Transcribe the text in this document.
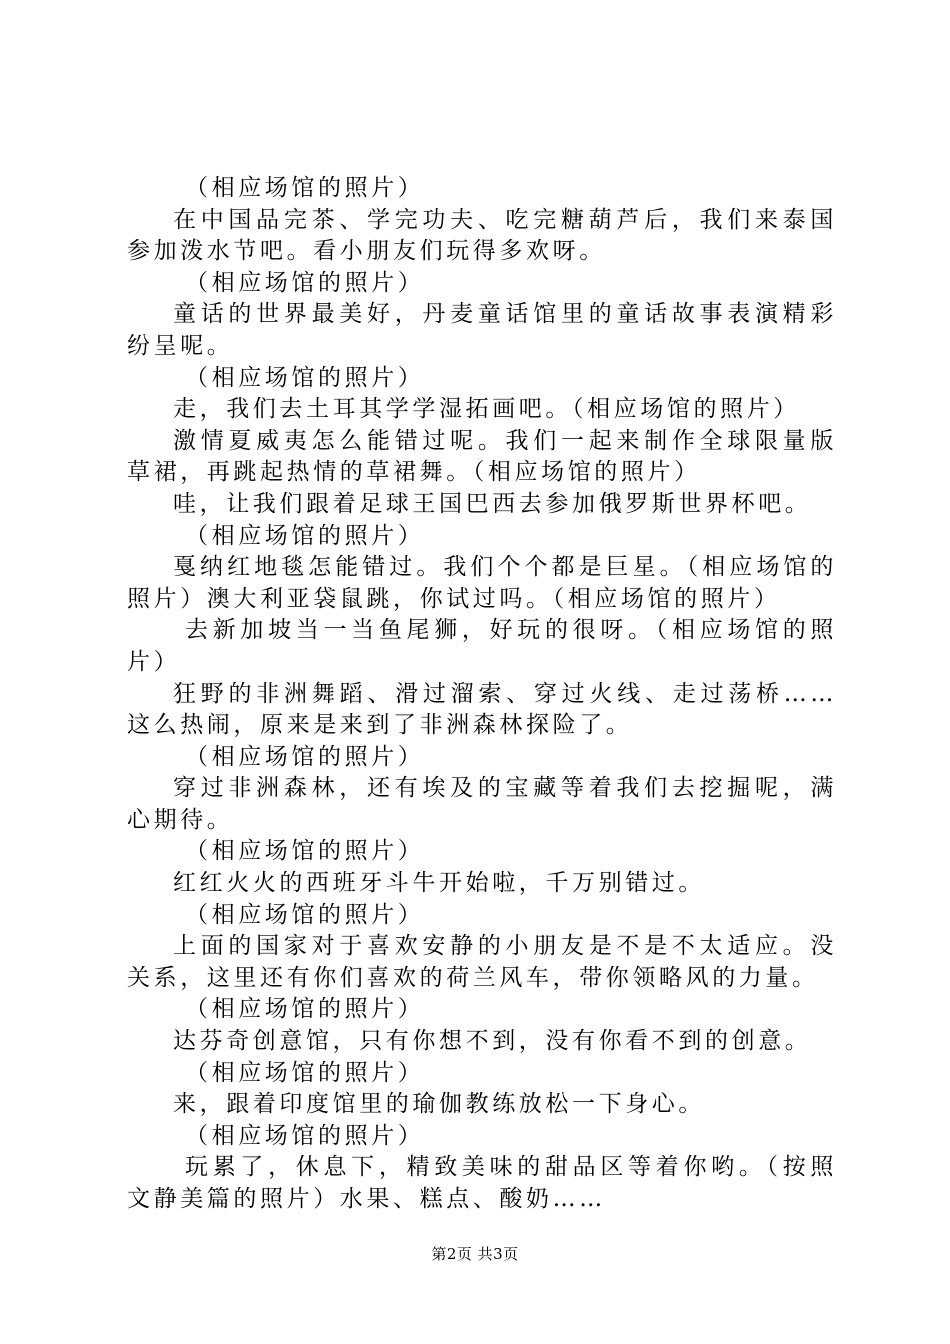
（相应场馆的照片）

在中国品完茶、学完功夫、吃完糖葫芦后，我们来泰国参加泼水节吧。看小朋友们玩得多欢呀。

（相应场馆的照片）

童话的世界最美好，丹麦童话馆里的童话故事表演精彩纷呈呢。

（相应场馆的照片）

走，我们去土耳其学学湿拓画吧。（相应场馆的照片）

激情夏威夷怎么能错过呢。我们一起来制作全球限量版草裙，再跳起热情的草裙舞。（相应场馆的照片）

哇，让我们跟着足球王国巴西去参加俄罗斯世界杯吧。

（相应场馆的照片）

戛纳红地毯怎能错过。我们个个都是巨星。（相应场馆的照片）澳大利亚袋鼠跳，你试过吗。（相应场馆的照片）

去新加坡当一当鱼尾狮，好玩的很呀。（相应场馆的照片）

狂野的非洲舞蹈、滑过溜索、穿过火线、走过荡桥……这么热闹，原来是来到了非洲森林探险了。

（相应场馆的照片）

穿过非洲森林，还有埃及的宝藏等着我们去挖掘呢，满心期待。

（相应场馆的照片）

红红火火的西班牙斗牛开始啦，千万别错过。

（相应场馆的照片）

上面的国家对于喜欢安静的小朋友是不是不太适应。没关系，这里还有你们喜欢的荷兰风车，带你领略风的力量。

（相应场馆的照片）

达芬奇创意馆，只有你想不到，没有你看不到的创意。

（相应场馆的照片）

来，跟着印度馆里的瑜伽教练放松一下身心。

（相应场馆的照片）

玩累了，休息下，精致美味的甜品区等着你哟。（按照文静美篇的照片）水果、糕点、酸奶……

第2页 共3页
